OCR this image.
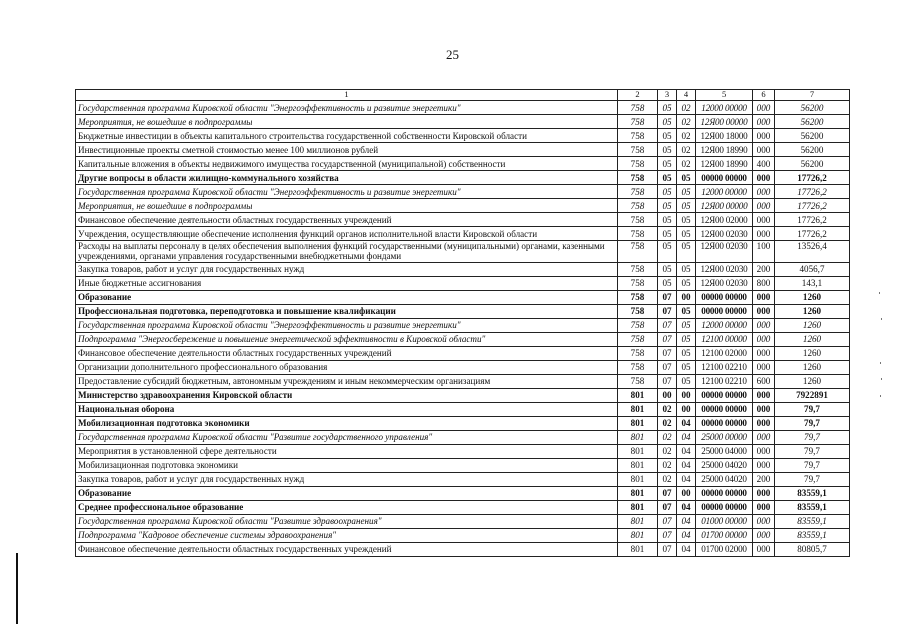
25
1	2	3	4	5	6	7
Государственная программа Кировской области "Энергоэффективность и развитие энергетики"	758	05	02	12000 00000	000	56200
Мероприятия, не вошедшие в подпрограммы	758	05	02	12Я00 00000	000	56200
Бюджетные инвестиции в объекты капитального строительства государственной собственности Кировской области	758	05	02	12Я00 18000	000	56200
Инвестиционные проекты сметной стоимостью менее 100 миллионов рублей	758	05	02	12Я00 18990	000	56200
Капитальные вложения в объекты недвижимого имущества государственной (муниципальной) собственности	758	05	02	12Я00 18990	400	56200
Другие вопросы в области жилищно-коммунального хозяйства	758	05	05	00000 00000	000	17726,2
Государственная программа Кировской области "Энергоэффективность и развитие энергетики"	758	05	05	12000 00000	000	17726,2
Мероприятия, не вошедшие в подпрограммы	758	05	05	12Я00 00000	000	17726,2
Финансовое обеспечение деятельности областных государственных учреждений	758	05	05	12Я00 02000	000	17726,2
Учреждения, осуществляющие обеспечение исполнения функций органов исполнительной власти Кировской области	758	05	05	12Я00 02030	000	17726,2
Расходы на выплаты персоналу в целях обеспечения выполнения функций государственными (муниципальными) органами, казенными учреждениями, органами управления государственными внебюджетными фондами	758	05	05	12Я00 02030	100	13526,4
Закупка товаров, работ и услуг для государственных нужд	758	05	05	12Я00 02030	200	4056,7
Иные бюджетные ассигнования	758	05	05	12Я00 02030	800	143,1
Образование	758	07	00	00000 00000	000	1260
Профессиональная подготовка, переподготовка и повышение квалификации	758	07	05	00000 00000	000	1260
Государственная программа Кировской области "Энергоэффективность и развитие энергетики"	758	07	05	12000 00000	000	1260
Подпрограмма "Энергосбережение и повышение энергетической эффективности в Кировской области"	758	07	05	12100 00000	000	1260
Финансовое обеспечение деятельности областных государственных учреждений	758	07	05	12100 02000	000	1260
Организации дополнительного профессионального образования	758	07	05	12100 02210	000	1260
Предоставление субсидий бюджетным, автономным учреждениям и иным некоммерческим организациям	758	07	05	12100 02210	600	1260
Министерство здравоохранения Кировской области	801	00	00	00000 00000	000	7922891
Национальная оборона	801	02	00	00000 00000	000	79,7
Мобилизационная подготовка экономики	801	02	04	00000 00000	000	79,7
Государственная программа Кировской области "Развитие государственного управления"	801	02	04	25000 00000	000	79,7
Мероприятия в установленной сфере деятельности	801	02	04	25000 04000	000	79,7
Мобилизационная подготовка экономики	801	02	04	25000 04020	000	79,7
Закупка товаров, работ и услуг для государственных нужд	801	02	04	25000 04020	200	79,7
Образование	801	07	00	00000 00000	000	83559,1
Среднее профессиональное образование	801	07	04	00000 00000	000	83559,1
Государственная программа Кировской области "Развитие здравоохранения"	801	07	04	01000 00000	000	83559,1
Подпрограмма "Кадровое обеспечение системы здравоохранения"	801	07	04	01700 00000	000	83559,1
Финансовое обеспечение деятельности областных государственных учреждений	801	07	04	01700 02000	000	80805,7
